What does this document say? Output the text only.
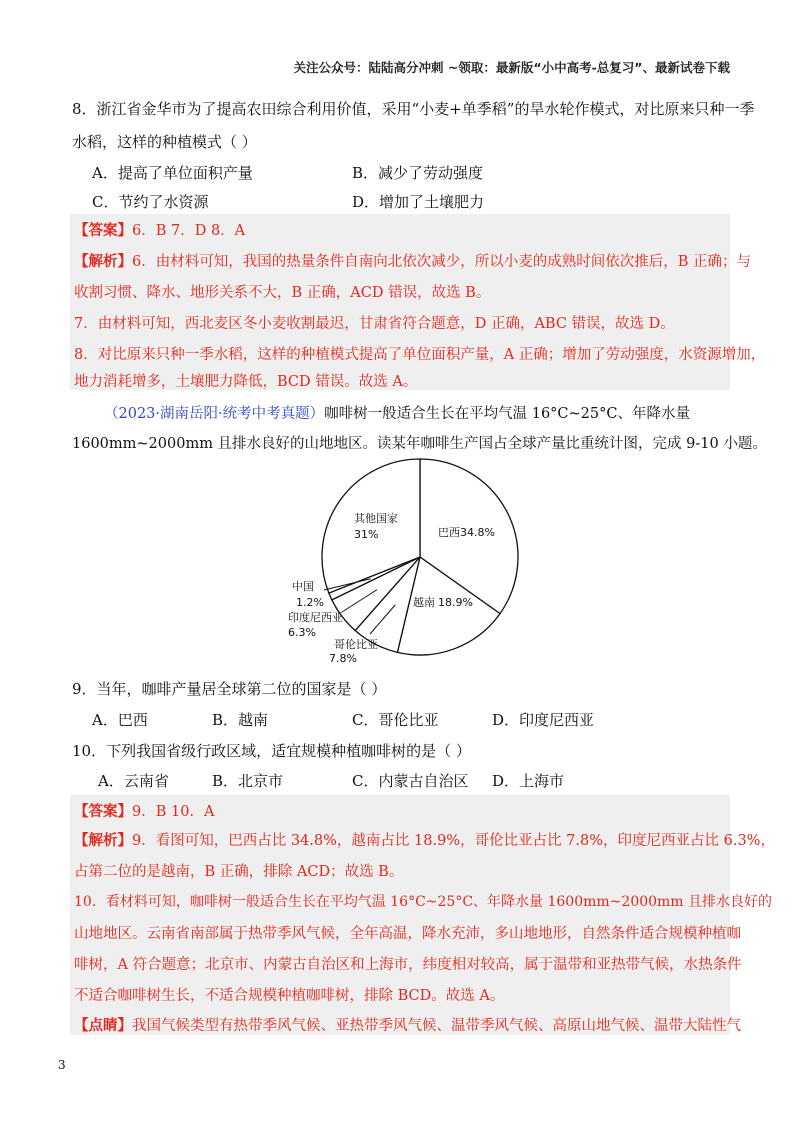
关注公众号：陆陆高分冲刺 ~领取：最新版“小中高考-总复习”、最新试卷下载
8．浙江省金华市为了提高农田综合利用价值，采用“小麦+单季稻”的旱水轮作模式，对比原来只种一季
水稻，这样的种植模式（ ）
A．提高了单位面积产量	B．减少了劳动强度
C．节约了水资源	D．增加了土壤肥力
【答案】6．B 7．D 8．A
【解析】6．由材料可知，我国的热量条件自南向北依次减少，所以小麦的成熟时间依次推后，B 正确；与
收割习惯、降水、地形关系不大，B 正确，ACD 错误，故选 B。
7．由材料可知，西北麦区冬小麦收割最迟，甘肃省符合题意，D 正确，ABC 错误，故选 D。
8．对比原来只种一季水稻，这样的种植模式提高了单位面积产量，A 正确；增加了劳动强度，水资源增加，
地力消耗增多，土壤肥力降低，BCD 错误。故选 A。
（2023·湖南岳阳·统考中考真题）咖啡树一般适合生长在平均气温 16°C~25°C、年降水量
1600mm~2000mm 且排水良好的山地地区。读某年咖啡生产国占全球产量比重统计图，完成 9-10 小题。
其他国家
31%	巴西 34.8%
越南 18.9%
中国
1.2%
印度尼西亚
6.3%
哥伦比亚
7.8%
9．当年，咖啡产量居全球第二位的国家是（ ）
A．巴西	B．越南	C．哥伦比亚	D．印度尼西亚
10．下列我国省级行政区域，适宜规模种植咖啡树的是（ ）
A．云南省	B．北京市	C．内蒙古自治区 D．上海市
【答案】9．B 10．A
【解析】9．看图可知，巴西占比 34.8%，越南占比 18.9%，哥伦比亚占比 7.8%，印度尼西亚占比 6.3%，
占第二位的是越南，B 正确，排除 ACD；故选 B。
10．看材料可知，咖啡树一般适合生长在平均气温 16°C~25°C、年降水量 1600mm~2000mm 且排水良好的
山地地区。云南省南部属于热带季风气候，全年高温，降水充沛，多山地地形，自然条件适合规模种植咖
啡树，A 符合题意；北京市、内蒙古自治区和上海市，纬度相对较高，属于温带和亚热带气候，水热条件
不适合咖啡树生长，不适合规模种植咖啡树，排除 BCD。故选 A。
【点睛】我国气候类型有热带季风气候、亚热带季风气候、温带季风气候、高原山地气候、温带大陆性气
3
